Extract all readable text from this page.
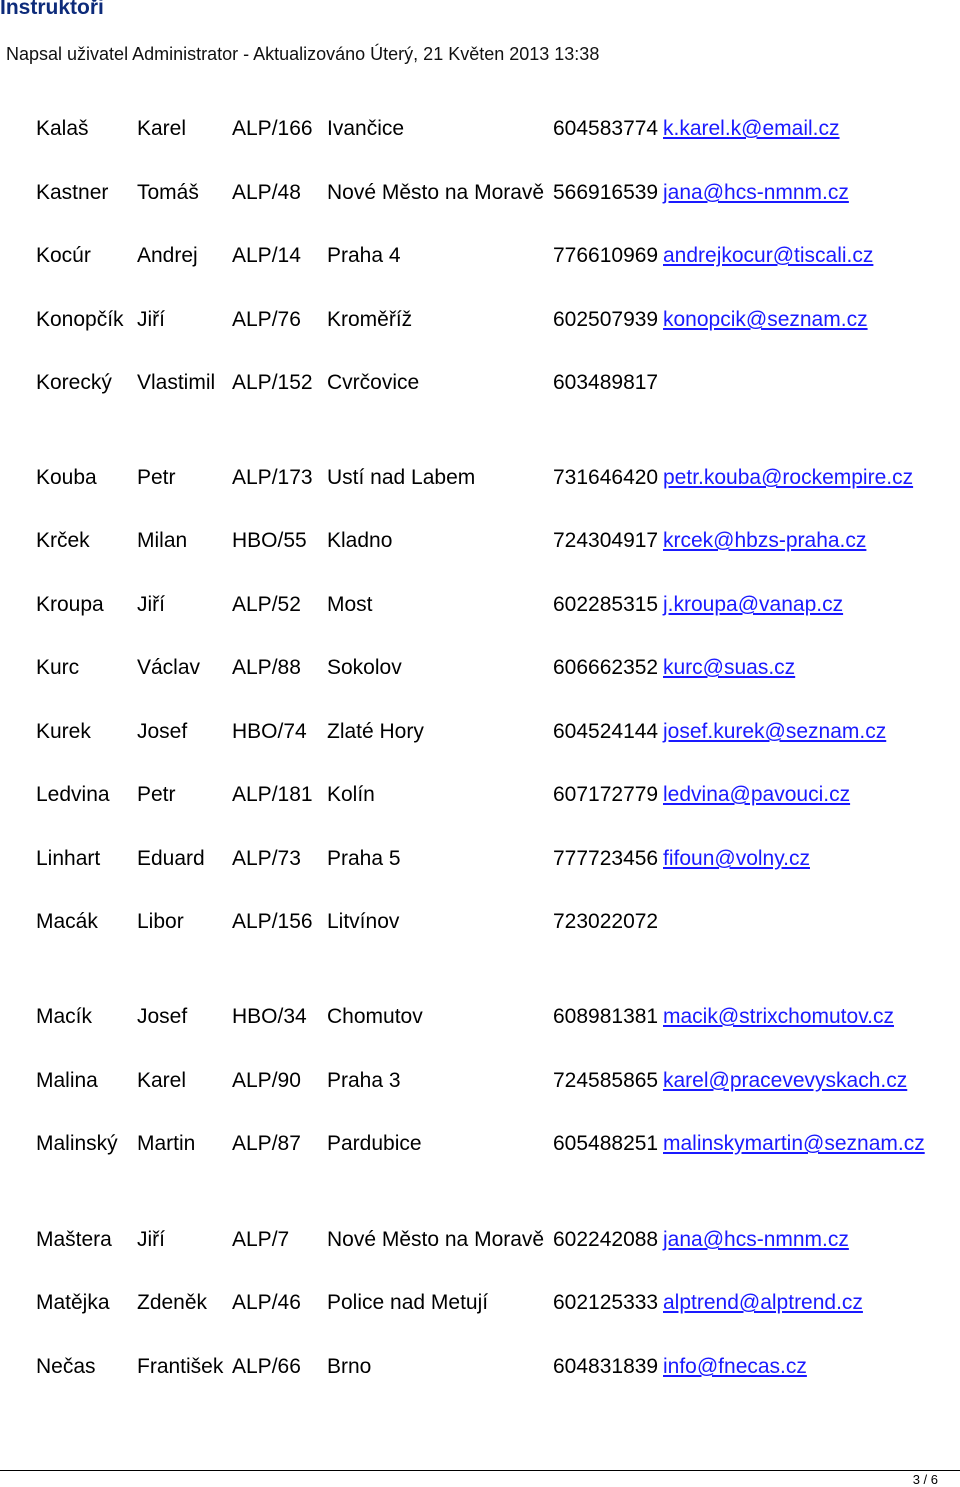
Instruktoři
Napsal uživatel Administrator - Aktualizováno Úterý, 21 Květen 2013 13:38
Kalaš Karel ALP/166 Ivančice	604583774 k.karel.k@email.cz
Kastner Tomáš ALP/48 Nové Město na Moravě 566916539 jana@hcs-nmnm.cz
Kocúr Andrej ALP/14 Praha 4	776610969 andrejkocur@tiscali.cz
Konopčík Jiří	ALP/76 Kroměříž	602507939 konopcik@seznam.cz
Korecký Vlastimil ALP/152 Cvrčovice	603489817
Kouba Petr	ALP/173 Ustí nad Labem	731646420 petr.kouba@rockempire.cz
Krček Milan HBO/55 Kladno	724304917 krcek@hbzs-praha.cz
Kroupa Jiří	ALP/52 Most	602285315 j.kroupa@vanap.cz
Kurc	Václav ALP/88 Sokolov	606662352 kurc@suas.cz
Kurek Josef HBO/74 Zlaté Hory	604524144 josef.kurek@seznam.cz
Ledvina Petr	ALP/181 Kolín	607172779 ledvina@pavouci.cz
Linhart Eduard ALP/73 Praha 5	777723456 fifoun@volny.cz
Macák Libor ALP/156 Litvínov	723022072
Macík Josef HBO/34 Chomutov	608981381 macik@strixchomutov.cz
Malina Karel ALP/90 Praha 3	724585865 karel@pracevevyskach.cz
Malinský Martin ALP/87 Pardubice	605488251 malinskymartin@seznam.cz
Maštera Jiří	ALP/7 Nové Město na Moravě 602242088 jana@hcs-nmnm.cz
Matějka Zdeněk ALP/46 Police nad Metují	602125333 alptrend@alptrend.cz
Nečas František ALP/66 Brno	604831839 info@fnecas.cz
3 / 6
